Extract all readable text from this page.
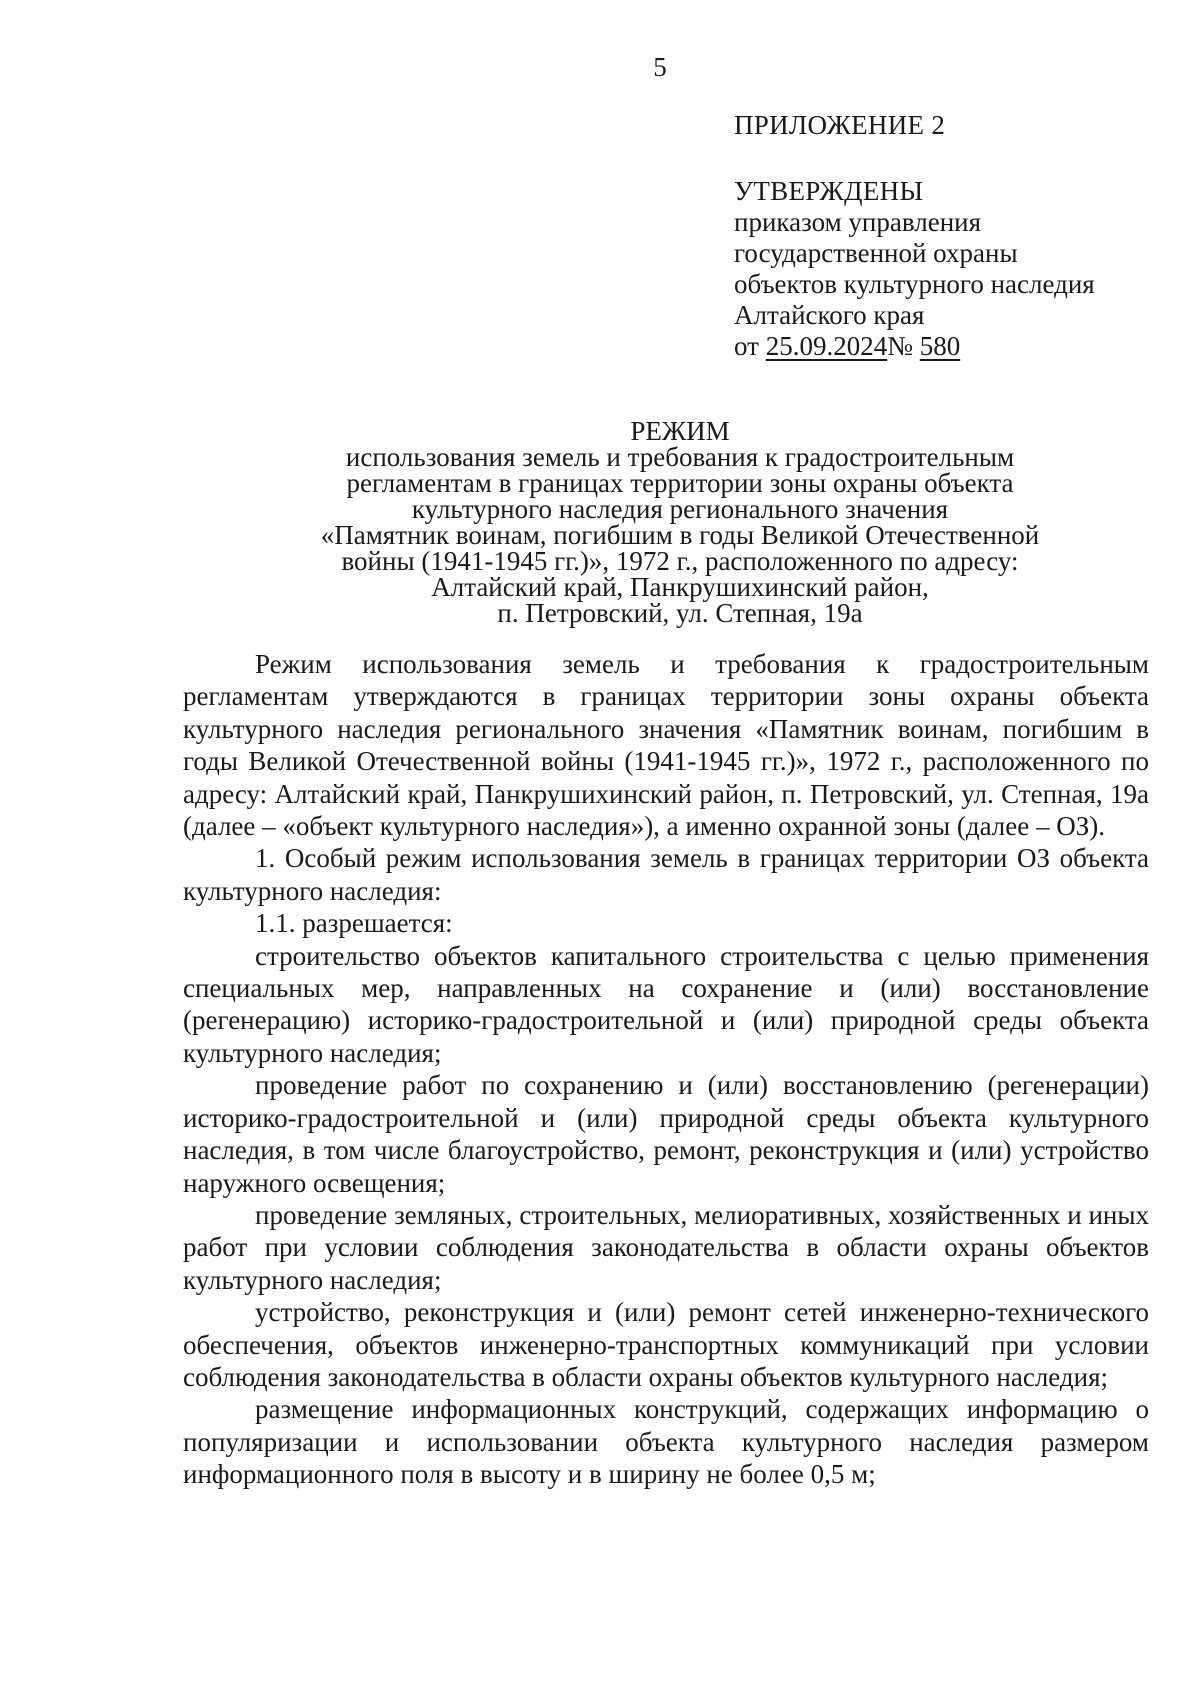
5
ПРИЛОЖЕНИЕ 2
УТВЕРЖДЕНЫ
приказом управления
государственной охраны
объектов культурного наследия
Алтайского края
от 25.09.2024№ 580
РЕЖИМ
использования земель и требования к градостроительным
регламентам в границах территории зоны охраны объекта
культурного наследия регионального значения
«Памятник воинам, погибшим в годы Великой Отечественной
войны (1941-1945 гг.)», 1972 г., расположенного по адресу:
Алтайский край, Панкрушихинский район,
п. Петровский, ул. Степная, 19а

Режим использования земель и требования к градостроительным регламентам утверждаются в границах территории зоны охраны объекта культурного наследия регионального значения «Памятник воинам, погибшим в годы Великой Отечественной войны (1941-1945 гг.)», 1972 г., расположенного по адресу: Алтайский край, Панкрушихинский район, п. Петровский, ул. Степная, 19а (далее – «объект культурного наследия»), а именно охранной зоны (далее – ОЗ).

1. Особый режим использования земель в границах территории ОЗ объекта культурного наследия:

1.1. разрешается:

строительство объектов капитального строительства с целью применения специальных мер, направленных на сохранение и (или) восстановление (регенерацию) историко-градостроительной и (или) природной среды объекта культурного наследия;

проведение работ по сохранению и (или) восстановлению (регенерации) историко-градостроительной и (или) природной среды объекта культурного наследия, в том числе благоустройство, ремонт, реконструкция и (или) устройство наружного освещения;

проведение земляных, строительных, мелиоративных, хозяйственных и иных работ при условии соблюдения законодательства в области охраны объектов культурного наследия;

устройство, реконструкция и (или) ремонт сетей инженерно-технического обеспечения, объектов инженерно-транспортных коммуникаций при условии соблюдения законодательства в области охраны объектов культурного наследия;

размещение информационных конструкций, содержащих информацию о популяризации и использовании объекта культурного наследия размером информационного поля в высоту и в ширину не более 0,5 м;
